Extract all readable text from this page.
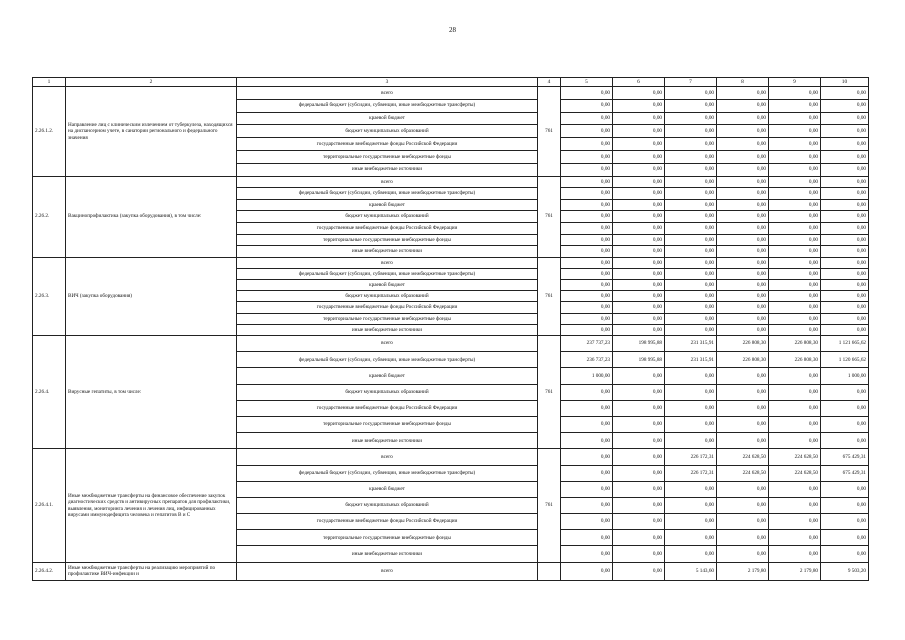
28
1	2	3	4	5	6	7	8	9	10
2.26.1.2.	Направление лиц с клиническим излечением от туберкулеза, находящихся на диспансерном учете, в санатории регионального и федерального значения	всего	761	0,00	0,00	0,00	0,00	0,00	0,00
		федеральный бюджет (субсидии, субвенции, иные межбюджетные трансферты)		0,00	0,00	0,00	0,00	0,00	0,00
		краевой бюджет		0,00	0,00	0,00	0,00	0,00	0,00
		бюджет муниципальных образований		0,00	0,00	0,00	0,00	0,00	0,00
		государственные внебюджетные фонды Российской Федерации		0,00	0,00	0,00	0,00	0,00	0,00
		территориальные государственные внебюджетные фонды		0,00	0,00	0,00	0,00	0,00	0,00
		иные внебюджетные источники		0,00	0,00	0,00	0,00	0,00	0,00
2.26.2.	Вакцинопрофилактика (закупка оборудования), в том числе:	всего	761	0,00	0,00	0,00	0,00	0,00	0,00
		федеральный бюджет (субсидии, субвенции, иные межбюджетные трансферты)		0,00	0,00	0,00	0,00	0,00	0,00
		краевой бюджет		0,00	0,00	0,00	0,00	0,00	0,00
		бюджет муниципальных образований		0,00	0,00	0,00	0,00	0,00	0,00
		государственные внебюджетные фонды Российской Федерации		0,00	0,00	0,00	0,00	0,00	0,00
		территориальные государственные внебюджетные фонды		0,00	0,00	0,00	0,00	0,00	0,00
		иные внебюджетные источники		0,00	0,00	0,00	0,00	0,00	0,00
2.26.3.	ВИЧ (закупка оборудования)	всего	761	0,00	0,00	0,00	0,00	0,00	0,00
		федеральный бюджет (субсидии, субвенции, иные межбюджетные трансферты)		0,00	0,00	0,00	0,00	0,00	0,00
		краевой бюджет		0,00	0,00	0,00	0,00	0,00	0,00
		бюджет муниципальных образований		0,00	0,00	0,00	0,00	0,00	0,00
		государственные внебюджетные фонды Российской Федерации		0,00	0,00	0,00	0,00	0,00	0,00
		территориальные государственные внебюджетные фонды		0,00	0,00	0,00	0,00	0,00	0,00
		иные внебюджетные источники		0,00	0,00	0,00	0,00	0,00	0,00
2.26.4.	Вирусные гепатиты, в том числе:	всего	761	237 737,23	198 995,88	231 315,91	226 808,30	226 808,30	1 121 665,62
		федеральный бюджет (субсидии, субвенции, иные межбюджетные трансферты)		236 737,23	198 995,88	231 315,91	226 808,30	226 808,30	1 120 665,62
		краевой бюджет		1 000,00	0,00	0,00	0,00	0,00	1 000,00
		бюджет муниципальных образований		0,00	0,00	0,00	0,00	0,00	0,00
		государственные внебюджетные фонды Российской Федерации		0,00	0,00	0,00	0,00	0,00	0,00
		территориальные государственные внебюджетные фонды		0,00	0,00	0,00	0,00	0,00	0,00
		иные внебюджетные источники		0,00	0,00	0,00	0,00	0,00	0,00
2.26.4.1.	Иные межбюджетные трансферты на финансовое обеспечение закупок диагностических средств и антивирусных препаратов для профилактики, выявления, мониторинга лечения и лечения лиц, инфицированных вирусами иммунодефицита человека и гепатитов B и C	всего	761	0,00	0,00	226 172,31	224 628,50	224 628,50	675 429,31
		федеральный бюджет (субсидии, субвенции, иные межбюджетные трансферты)		0,00	0,00	226 172,31	224 628,50	224 628,50	675 429,31
		краевой бюджет		0,00	0,00	0,00	0,00	0,00	0,00
		бюджет муниципальных образований		0,00	0,00	0,00	0,00	0,00	0,00
		государственные внебюджетные фонды Российской Федерации		0,00	0,00	0,00	0,00	0,00	0,00
		территориальные государственные внебюджетные фонды		0,00	0,00	0,00	0,00	0,00	0,00
		иные внебюджетные источники		0,00	0,00	0,00	0,00	0,00	0,00
2.26.4.2.	Иные межбюджетные трансферты на реализацию мероприятий по профилактике ВИЧ-инфекции и	всего		0,00	0,00	5 143,60	2 179,80	2 179,80	9 503,20
